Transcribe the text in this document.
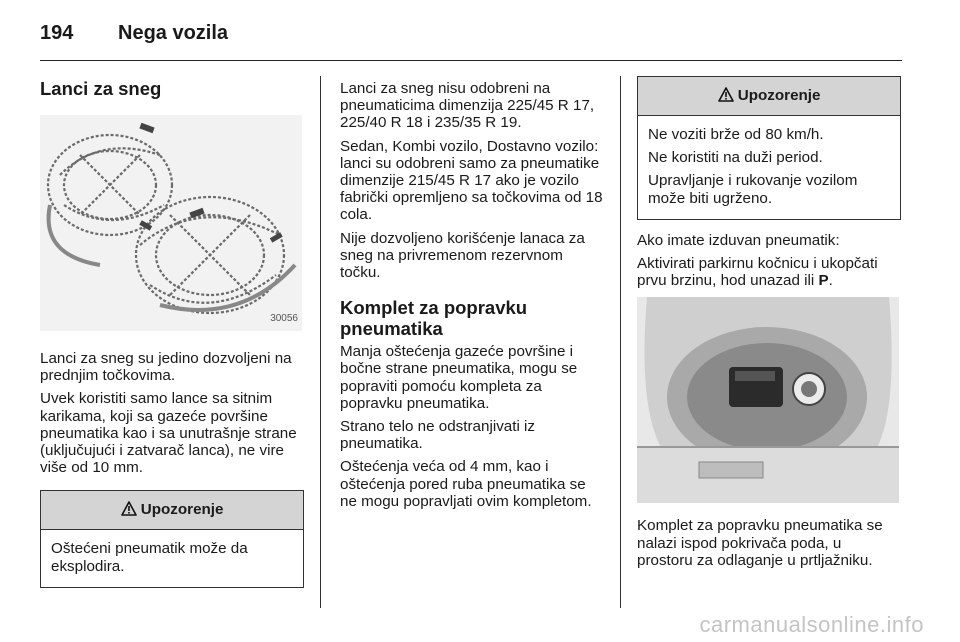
194 Nega vozila
Lanci za sneg
30056

Lanci za sneg su jedino dozvoljeni na prednjim točkovima.

Uvek koristiti samo lance sa sitnim karikama, koji sa gazeće površine pneumatika kao i sa unutrašnje strane (uključujući i zatvarač lanca), ne vire više od 10 mm.

Upozorenje

Oštećeni pneumatik može da eksplodira.

Lanci za sneg nisu odobreni na pneumaticima dimenzija 225/45 R 17, 225/40 R 18 i 235/35 R 19.

Sedan, Kombi vozilo, Dostavno vozilo: lanci su odobreni samo za pneumatike dimenzije 215/45 R 17 ako je vozilo fabrički opremljeno sa točkovima od 18 cola.

Nije dozvoljeno korišćenje lanaca za sneg na privremenom rezervnom točku.

Komplet za popravku pneumatika

Manja oštećenja gazeće površine i bočne strane pneumatika, mogu se popraviti pomoću kompleta za popravku pneumatika.

Strano telo ne odstranjivati iz pneumatika.

Oštećenja veća od 4 mm, kao i oštećenja pored ruba pneumatika se ne mogu popravljati ovim kompletom.

Upozorenje

Ne voziti brže od 80 km/h.

Ne koristiti na duži period.

Upravljanje i rukovanje vozilom može biti ugrženo.

Ako imate izduvan pneumatik:

Aktivirati parkirnu kočnicu i ukopčati prvu brzinu, hod unazad ili P.

Komplet za popravku pneumatika se nalazi ispod pokrivača poda, u prostoru za odlaganje u prtljažniku.

carmanualsonline.info
